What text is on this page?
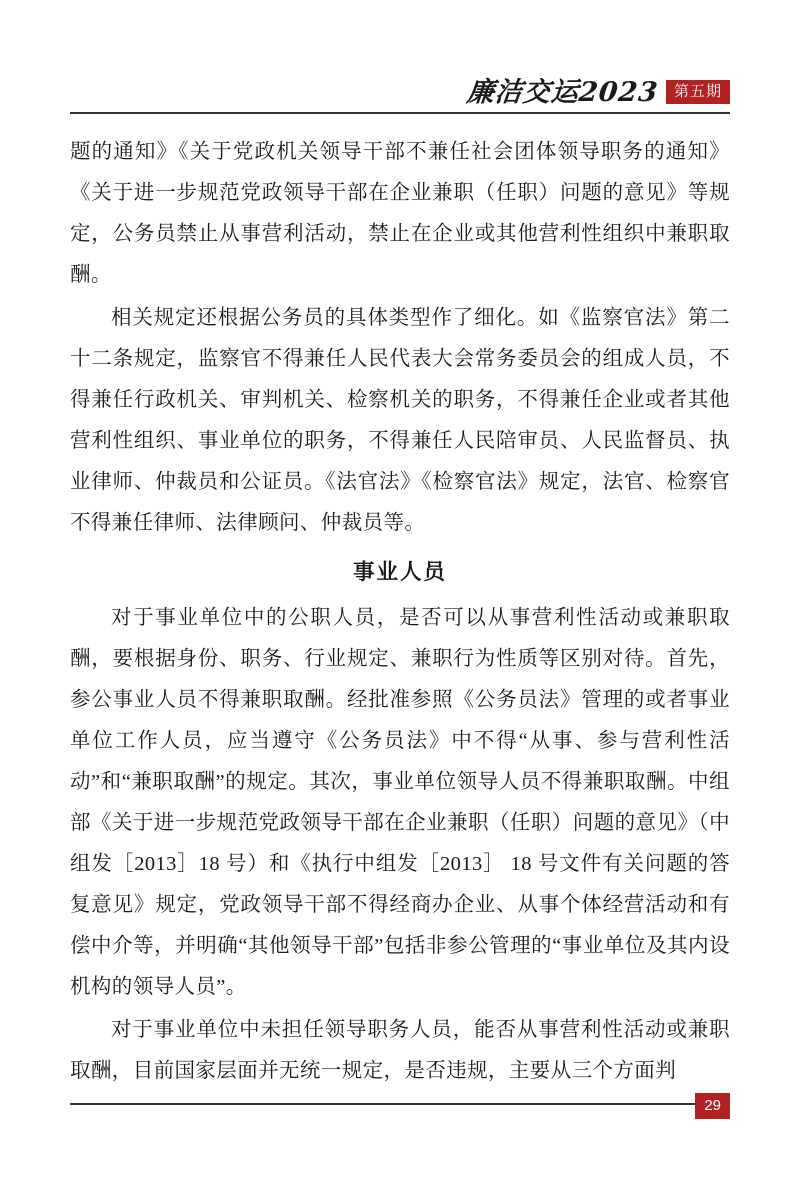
廉洁交运2023 第五期

题的通知》《关于党政机关领导干部不兼任社会团体领导职务的通知》《关于进一步规范党政领导干部在企业兼职（任职）问题的意见》等规定，公务员禁止从事营利活动，禁止在企业或其他营利性组织中兼职取酬。

相关规定还根据公务员的具体类型作了细化。如《监察官法》第二十二条规定，监察官不得兼任人民代表大会常务委员会的组成人员，不得兼任行政机关、审判机关、检察机关的职务，不得兼任企业或者其他营利性组织、事业单位的职务，不得兼任人民陪审员、人民监督员、执业律师、仲裁员和公证员。《法官法》《检察官法》规定，法官、检察官不得兼任律师、法律顾问、仲裁员等。

事业人员

对于事业单位中的公职人员，是否可以从事营利性活动或兼职取酬，要根据身份、职务、行业规定、兼职行为性质等区别对待。首先，参公事业人员不得兼职取酬。经批准参照《公务员法》管理的或者事业单位工作人员，应当遵守《公务员法》中不得“从事、参与营利性活动”和“兼职取酬”的规定。其次，事业单位领导人员不得兼职取酬。中组部《关于进一步规范党政领导干部在企业兼职（任职）问题的意见》（中组发［2013］18 号）和《执行中组发［2013］ 18 号文件有关问题的答复意见》规定，党政领导干部不得经商办企业、从事个体经营活动和有偿中介等，并明确“其他领导干部”包括非参公管理的“事业单位及其内设机构的领导人员”。

对于事业单位中未担任领导职务人员，能否从事营利性活动或兼职取酬，目前国家层面并无统一规定，是否违规，主要从三个方面判

29
